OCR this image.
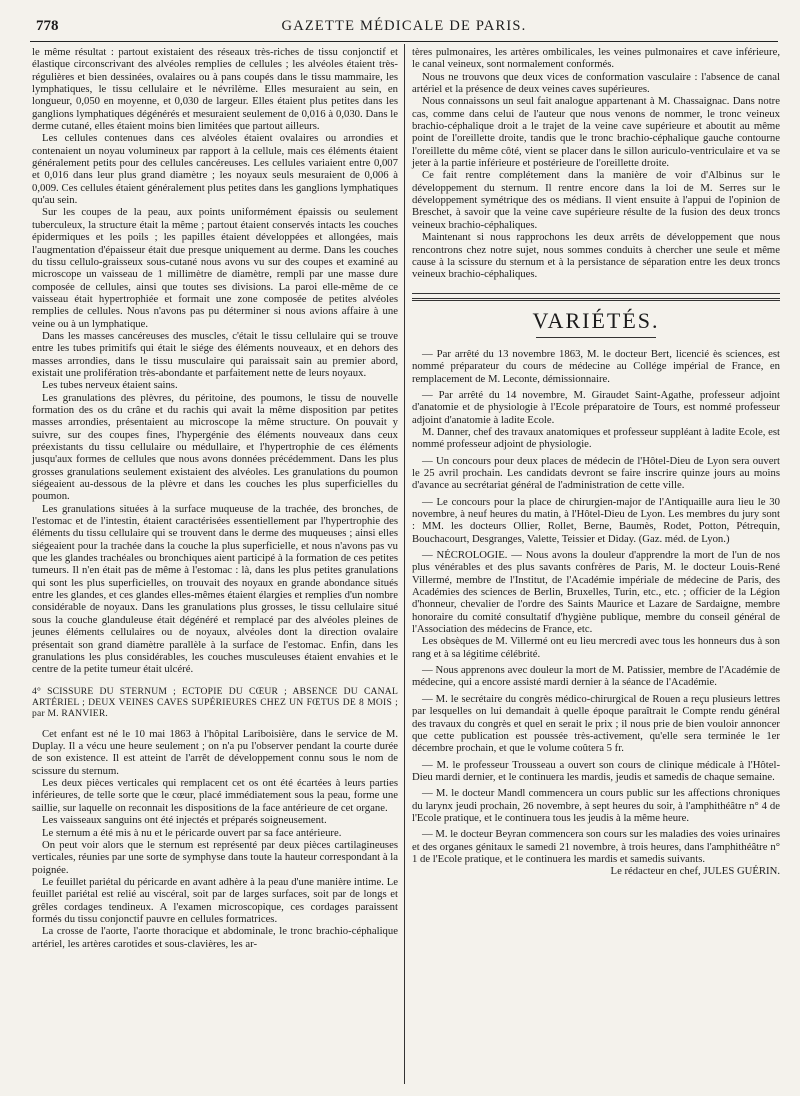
778	GAZETTE MÉDICALE DE PARIS.

le même résultat : partout existaient des réseaux très-riches de tissu conjonctif et élastique circonscrivant des alvéoles remplies de cellules ; les alvéoles étaient très-régulières et bien dessinées, ovalaires ou à pans coupés dans le tissu mammaire, les lymphatiques, le tissu cellulaire et le névrilème. Elles mesuraient au sein, en longueur, 0,050 en moyenne, et 0,030 de largeur. Elles étaient plus petites dans les ganglions lymphatiques dégénérés et mesuraient seulement de 0,016 à 0,030. Dans le derme cutané, elles étaient moins bien limitées que partout ailleurs.

Les cellules contenues dans ces alvéoles étaient ovalaires ou arrondies et contenaient un noyau volumineux par rapport à la cellule, mais ces éléments étaient généralement petits pour des cellules cancéreuses. Les cellules variaient entre 0,007 et 0,016 dans leur plus grand diamètre ; les noyaux seuls mesuraient de 0,006 à 0,009. Ces cellules étaient généralement plus petites dans les ganglions lymphatiques qu'au sein.

Sur les coupes de la peau, aux points uniformément épaissis ou seulement tuberculeux, la structure était la même ; partout étaient conservés intacts les couches épidermiques et les poils ; les papilles étaient développées et allongées, mais l'augmentation d'épaisseur était due presque uniquement au derme. Dans les couches du tissu cellulo-graisseux sous-cutané nous avons vu sur des coupes et examiné au microscope un vaisseau de 1 millimètre de diamètre, rempli par une masse dure composée de cellules, ainsi que toutes ses divisions. La paroi elle-même de ce vaisseau était hypertrophiée et formait une zone composée de petites alvéoles remplies de cellules. Nous n'avons pas pu déterminer si nous avions affaire à une veine ou à un lymphatique.

Dans les masses cancéreuses des muscles, c'était le tissu cellulaire qui se trouve entre les tubes primitifs qui était le siége des éléments nouveaux, et en dehors des masses arrondies, dans le tissu musculaire qui paraissait sain au premier abord, existait une prolifération très-abondante et parfaitement nette de leurs noyaux.

Les tubes nerveux étaient sains.

Les granulations des plèvres, du péritoine, des poumons, le tissu de nouvelle formation des os du crâne et du rachis qui avait la même disposition par petites masses arrondies, présentaient au microscope la même structure. On pouvait y suivre, sur des coupes fines, l'hypergénie des éléments nouveaux dans ceux préexistants du tissu cellulaire ou médullaire, et l'hypertrophie de ces éléments jusqu'aux formes de cellules que nous avons données précédemment. Dans les plus grosses granulations seulement existaient des alvéoles. Les granulations du poumon siégeaient au-dessous de la plèvre et dans les couches les plus superficielles du poumon.

Les granulations situées à la surface muqueuse de la trachée, des bronches, de l'estomac et de l'intestin, étaient caractérisées essentiellement par l'hypertrophie des éléments du tissu cellulaire qui se trouvent dans le derme des muqueuses ; ainsi elles siégeaient pour la trachée dans la couche la plus superficielle, et nous n'avons pas vu que les glandes trachéales ou bronchiques aient participé à la formation de ces petites tumeurs. Il n'en était pas de même à l'estomac : là, dans les plus petites granulations qui sont les plus superficielles, on trouvait des noyaux en grande abondance situés entre les glandes, et ces glandes elles-mêmes étaient élargies et remplies d'un nombre considérable de noyaux. Dans les granulations plus grosses, le tissu cellulaire situé sous la couche glanduleuse était dégénéré et remplacé par des alvéoles pleines de jeunes éléments cellulaires ou de noyaux, alvéoles dont la direction ovalaire présentait son grand diamètre parallèle à la surface de l'estomac. Enfin, dans les granulations les plus considérables, les couches musculeuses étaient envahies et le centre de la petite tumeur était ulcéré.

4° SCISSURE DU STERNUM ; ECTOPIE DU CŒUR ; ABSENCE DU CANAL ARTÉRIEL ; DEUX VEINES CAVES SUPÉRIEURES CHEZ UN FŒTUS DE 8 MOIS ; par M. RANVIER.

Cet enfant est né le 10 mai 1863 à l'hôpital Lariboisière, dans le service de M. Duplay. Il a vécu une heure seulement ; on n'a pu l'observer pendant la courte durée de son existence. Il est atteint de l'arrêt de développement connu sous le nom de scissure du sternum.

Les deux pièces verticales qui remplacent cet os ont été écartées à leurs parties inférieures, de telle sorte que le cœur, placé immédiatement sous la peau, forme une saillie, sur laquelle on reconnait les dispositions de la face antérieure de cet organe.

Les vaisseaux sanguins ont été injectés et préparés soigneusement.

Le sternum a été mis à nu et le péricarde ouvert par sa face antérieure.

On peut voir alors que le sternum est représenté par deux pièces cartilagineuses verticales, réunies par une sorte de symphyse dans toute la hauteur correspondant à la poignée.

Le feuillet pariétal du péricarde en avant adhère à la peau d'une manière intime. Le feuillet pariétal est relié au viscéral, soit par de larges surfaces, soit par de longs et grêles cordages tendineux. A l'examen microscopique, ces cordages paraissent formés du tissu conjonctif pauvre en cellules formatrices.

La crosse de l'aorte, l'aorte thoracique et abdominale, le tronc brachio-céphalique artériel, les artères carotides et sous-clavières, les ar-

tères pulmonaires, les artères ombilicales, les veines pulmonaires et cave inférieure, le canal veineux, sont normalement conformés.

Nous ne trouvons que deux vices de conformation vasculaire : l'absence de canal artériel et la présence de deux veines caves supérieures.

Nous connaissons un seul fait analogue appartenant à M. Chassaignac. Dans notre cas, comme dans celui de l'auteur que nous venons de nommer, le tronc veineux brachio-céphalique droit a le trajet de la veine cave supérieure et aboutit au même point de l'oreillette droite, tandis que le tronc brachio-céphalique gauche contourne l'oreillette du même côté, vient se placer dans le sillon auriculo-ventriculaire et va se jeter à la partie inférieure et postérieure de l'oreillette droite.

Ce fait rentre complétement dans la manière de voir d'Albinus sur le développement du sternum. Il rentre encore dans la loi de M. Serres sur le développement symétrique des os médians. Il vient ensuite à l'appui de l'opinion de Breschet, à savoir que la veine cave supérieure résulte de la fusion des deux troncs veineux brachio-céphaliques.

Maintenant si nous rapprochons les deux arrêts de développement que nous rencontrons chez notre sujet, nous sommes conduits à chercher une seule et même cause à la scissure du sternum et à la persistance de séparation entre les deux troncs veineux brachio-céphaliques.

VARIÉTÉS.

— Par arrêté du 13 novembre 1863, M. le docteur Bert, licencié ès sciences, est nommé préparateur du cours de médecine au Collége impérial de France, en remplacement de M. Leconte, démissionnaire.

— Par arrêté du 14 novembre, M. Giraudet Saint-Agathe, professeur adjoint d'anatomie et de physiologie à l'Ecole préparatoire de Tours, est nommé professeur adjoint d'anatomie à ladite Ecole.

M. Danner, chef des travaux anatomiques et professeur suppléant à ladite Ecole, est nommé professeur adjoint de physiologie.

— Un concours pour deux places de médecin de l'Hôtel-Dieu de Lyon sera ouvert le 25 avril prochain. Les candidats devront se faire inscrire quinze jours au moins d'avance au secrétariat général de l'administration de cette ville.

— Le concours pour la place de chirurgien-major de l'Antiquaille aura lieu le 30 novembre, à neuf heures du matin, à l'Hôtel-Dieu de Lyon. Les membres du jury sont : MM. les docteurs Ollier, Rollet, Berne, Baumès, Rodet, Potton, Pétrequin, Bouchacourt, Desgranges, Valette, Teissier et Diday. (Gaz. méd. de Lyon.)

— NÉCROLOGIE. — Nous avons la douleur d'apprendre la mort de l'un de nos plus vénérables et des plus savants confrères de Paris, M. le docteur Louis-René Villermé, membre de l'Institut, de l'Académie impériale de médecine de Paris, des Académies des sciences de Berlin, Bruxelles, Turin, etc., etc. ; officier de la Légion d'honneur, chevalier de l'ordre des Saints Maurice et Lazare de Sardaigne, membre honoraire du comité consultatif d'hygiène publique, membre du conseil général de l'Association des médecins de France, etc.

Les obsèques de M. Villermé ont eu lieu mercredi avec tous les honneurs dus à son rang et à sa légitime célébrité.

— Nous apprenons avec douleur la mort de M. Patissier, membre de l'Académie de médecine, qui a encore assisté mardi dernier à la séance de l'Académie.

— M. le secrétaire du congrès médico-chirurgical de Rouen a reçu plusieurs lettres par lesquelles on lui demandait à quelle époque paraîtrait le Compte rendu général des travaux du congrès et quel en serait le prix ; il nous prie de bien vouloir annoncer que cette publication est poussée très-activement, qu'elle sera terminée le 1er décembre prochain, et que le volume coûtera 5 fr.

— M. le professeur Trousseau a ouvert son cours de clinique médicale à l'Hôtel-Dieu mardi dernier, et le continuera les mardis, jeudis et samedis de chaque semaine.

— M. le docteur Mandl commencera un cours public sur les affections chroniques du larynx jeudi prochain, 26 novembre, à sept heures du soir, à l'amphithéâtre n° 4 de l'Ecole pratique, et le continuera tous les jeudis à la même heure.

— M. le docteur Beyran commencera son cours sur les maladies des voies urinaires et des organes génitaux le samedi 21 novembre, à trois heures, dans l'amphithéâtre n° 1 de l'Ecole pratique, et le continuera les mardis et samedis suivants.

Le rédacteur en chef, JULES GUÉRIN.
